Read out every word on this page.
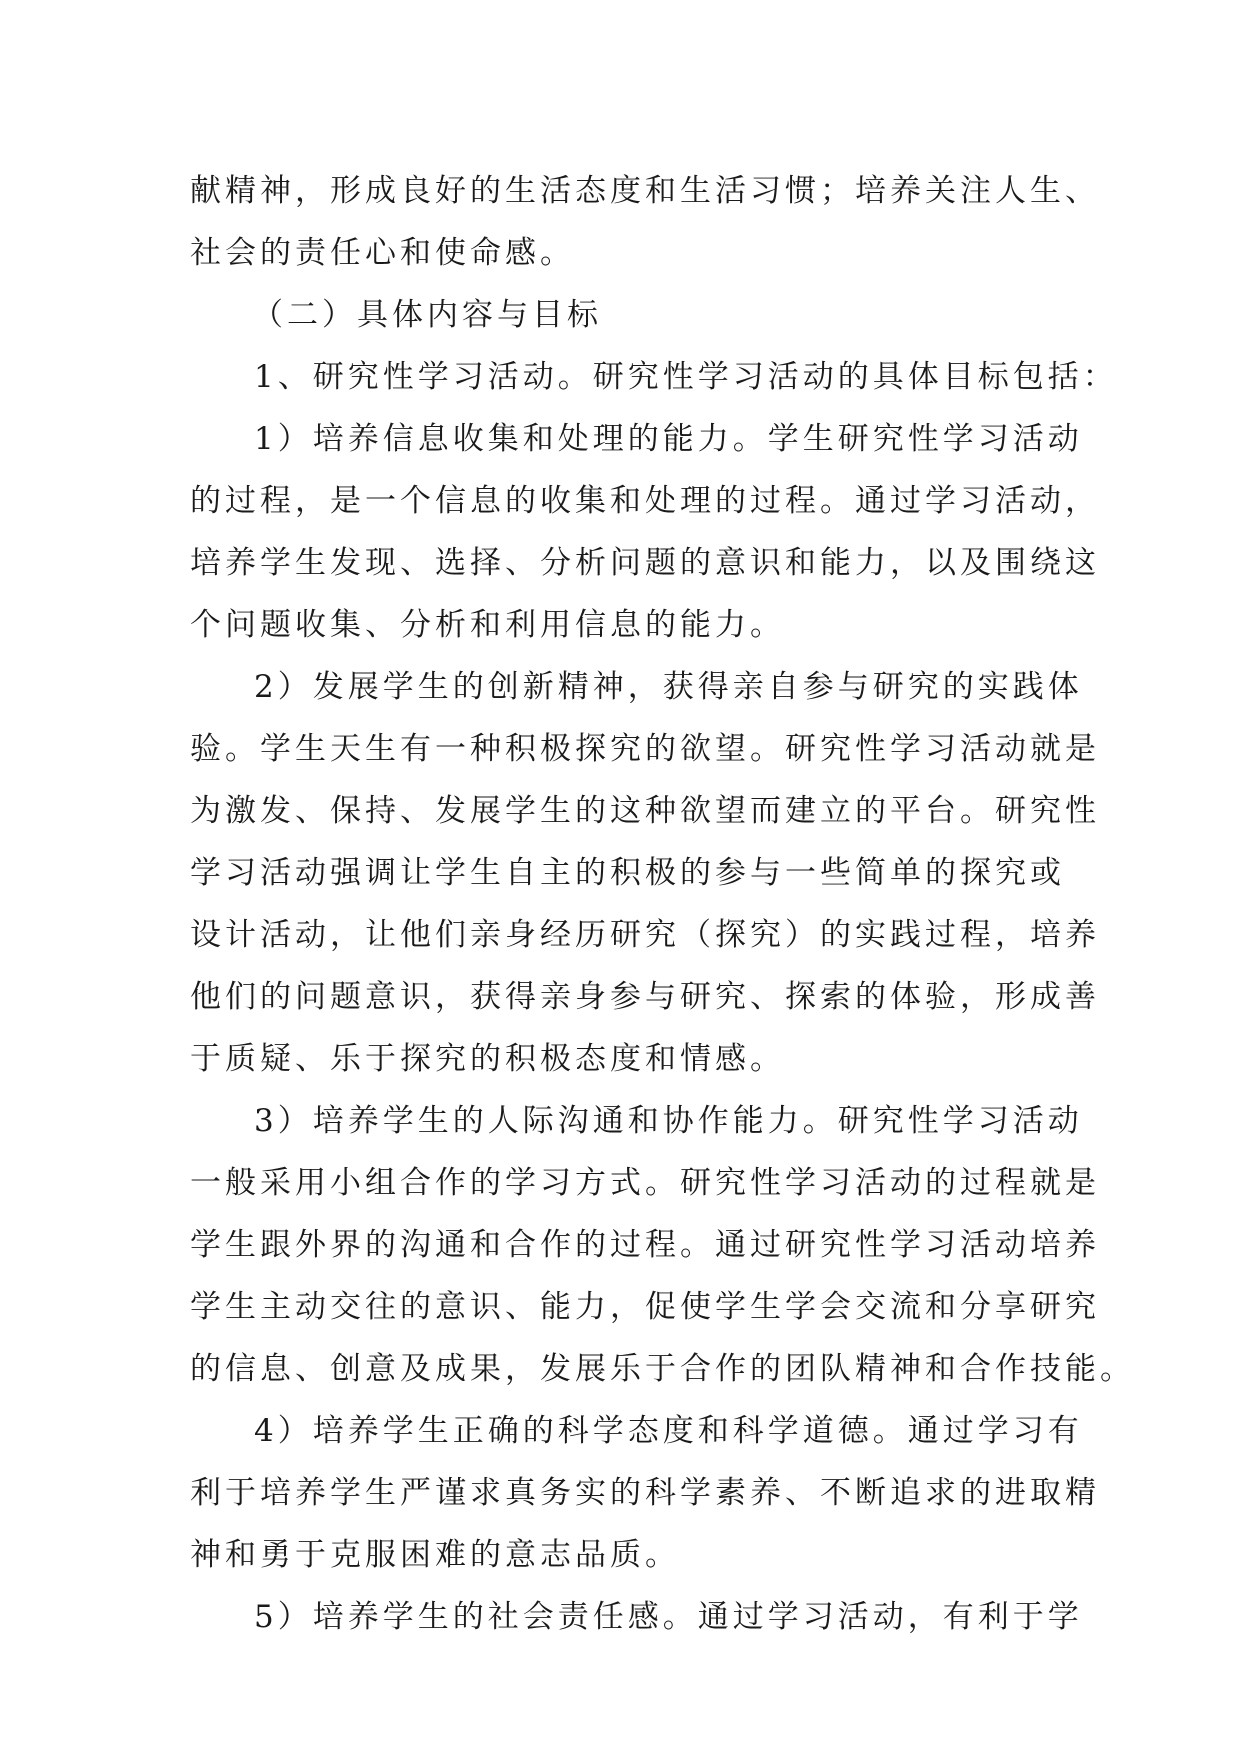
献精神，形成良好的生活态度和生活习惯；培养关注人生、
社会的责任心和使命感。
（二）具体内容与目标
1、研究性学习活动。研究性学习活动的具体目标包括：
1）培养信息收集和处理的能力。学生研究性学习活动
的过程，是一个信息的收集和处理的过程。通过学习活动，
培养学生发现、选择、分析问题的意识和能力，以及围绕这
个问题收集、分析和利用信息的能力。
2）发展学生的创新精神，获得亲自参与研究的实践体
验。学生天生有一种积极探究的欲望。研究性学习活动就是
为激发、保持、发展学生的这种欲望而建立的平台。研究性
学习活动强调让学生自主的积极的参与一些简单的探究或
设计活动，让他们亲身经历研究（探究）的实践过程，培养
他们的问题意识，获得亲身参与研究、探索的体验，形成善
于质疑、乐于探究的积极态度和情感。
3）培养学生的人际沟通和协作能力。研究性学习活动
一般采用小组合作的学习方式。研究性学习活动的过程就是
学生跟外界的沟通和合作的过程。通过研究性学习活动培养
学生主动交往的意识、能力，促使学生学会交流和分享研究
的信息、创意及成果，发展乐于合作的团队精神和合作技能。
4）培养学生正确的科学态度和科学道德。通过学习有
利于培养学生严谨求真务实的科学素养、不断追求的进取精
神和勇于克服困难的意志品质。
5）培养学生的社会责任感。通过学习活动，有利于学
